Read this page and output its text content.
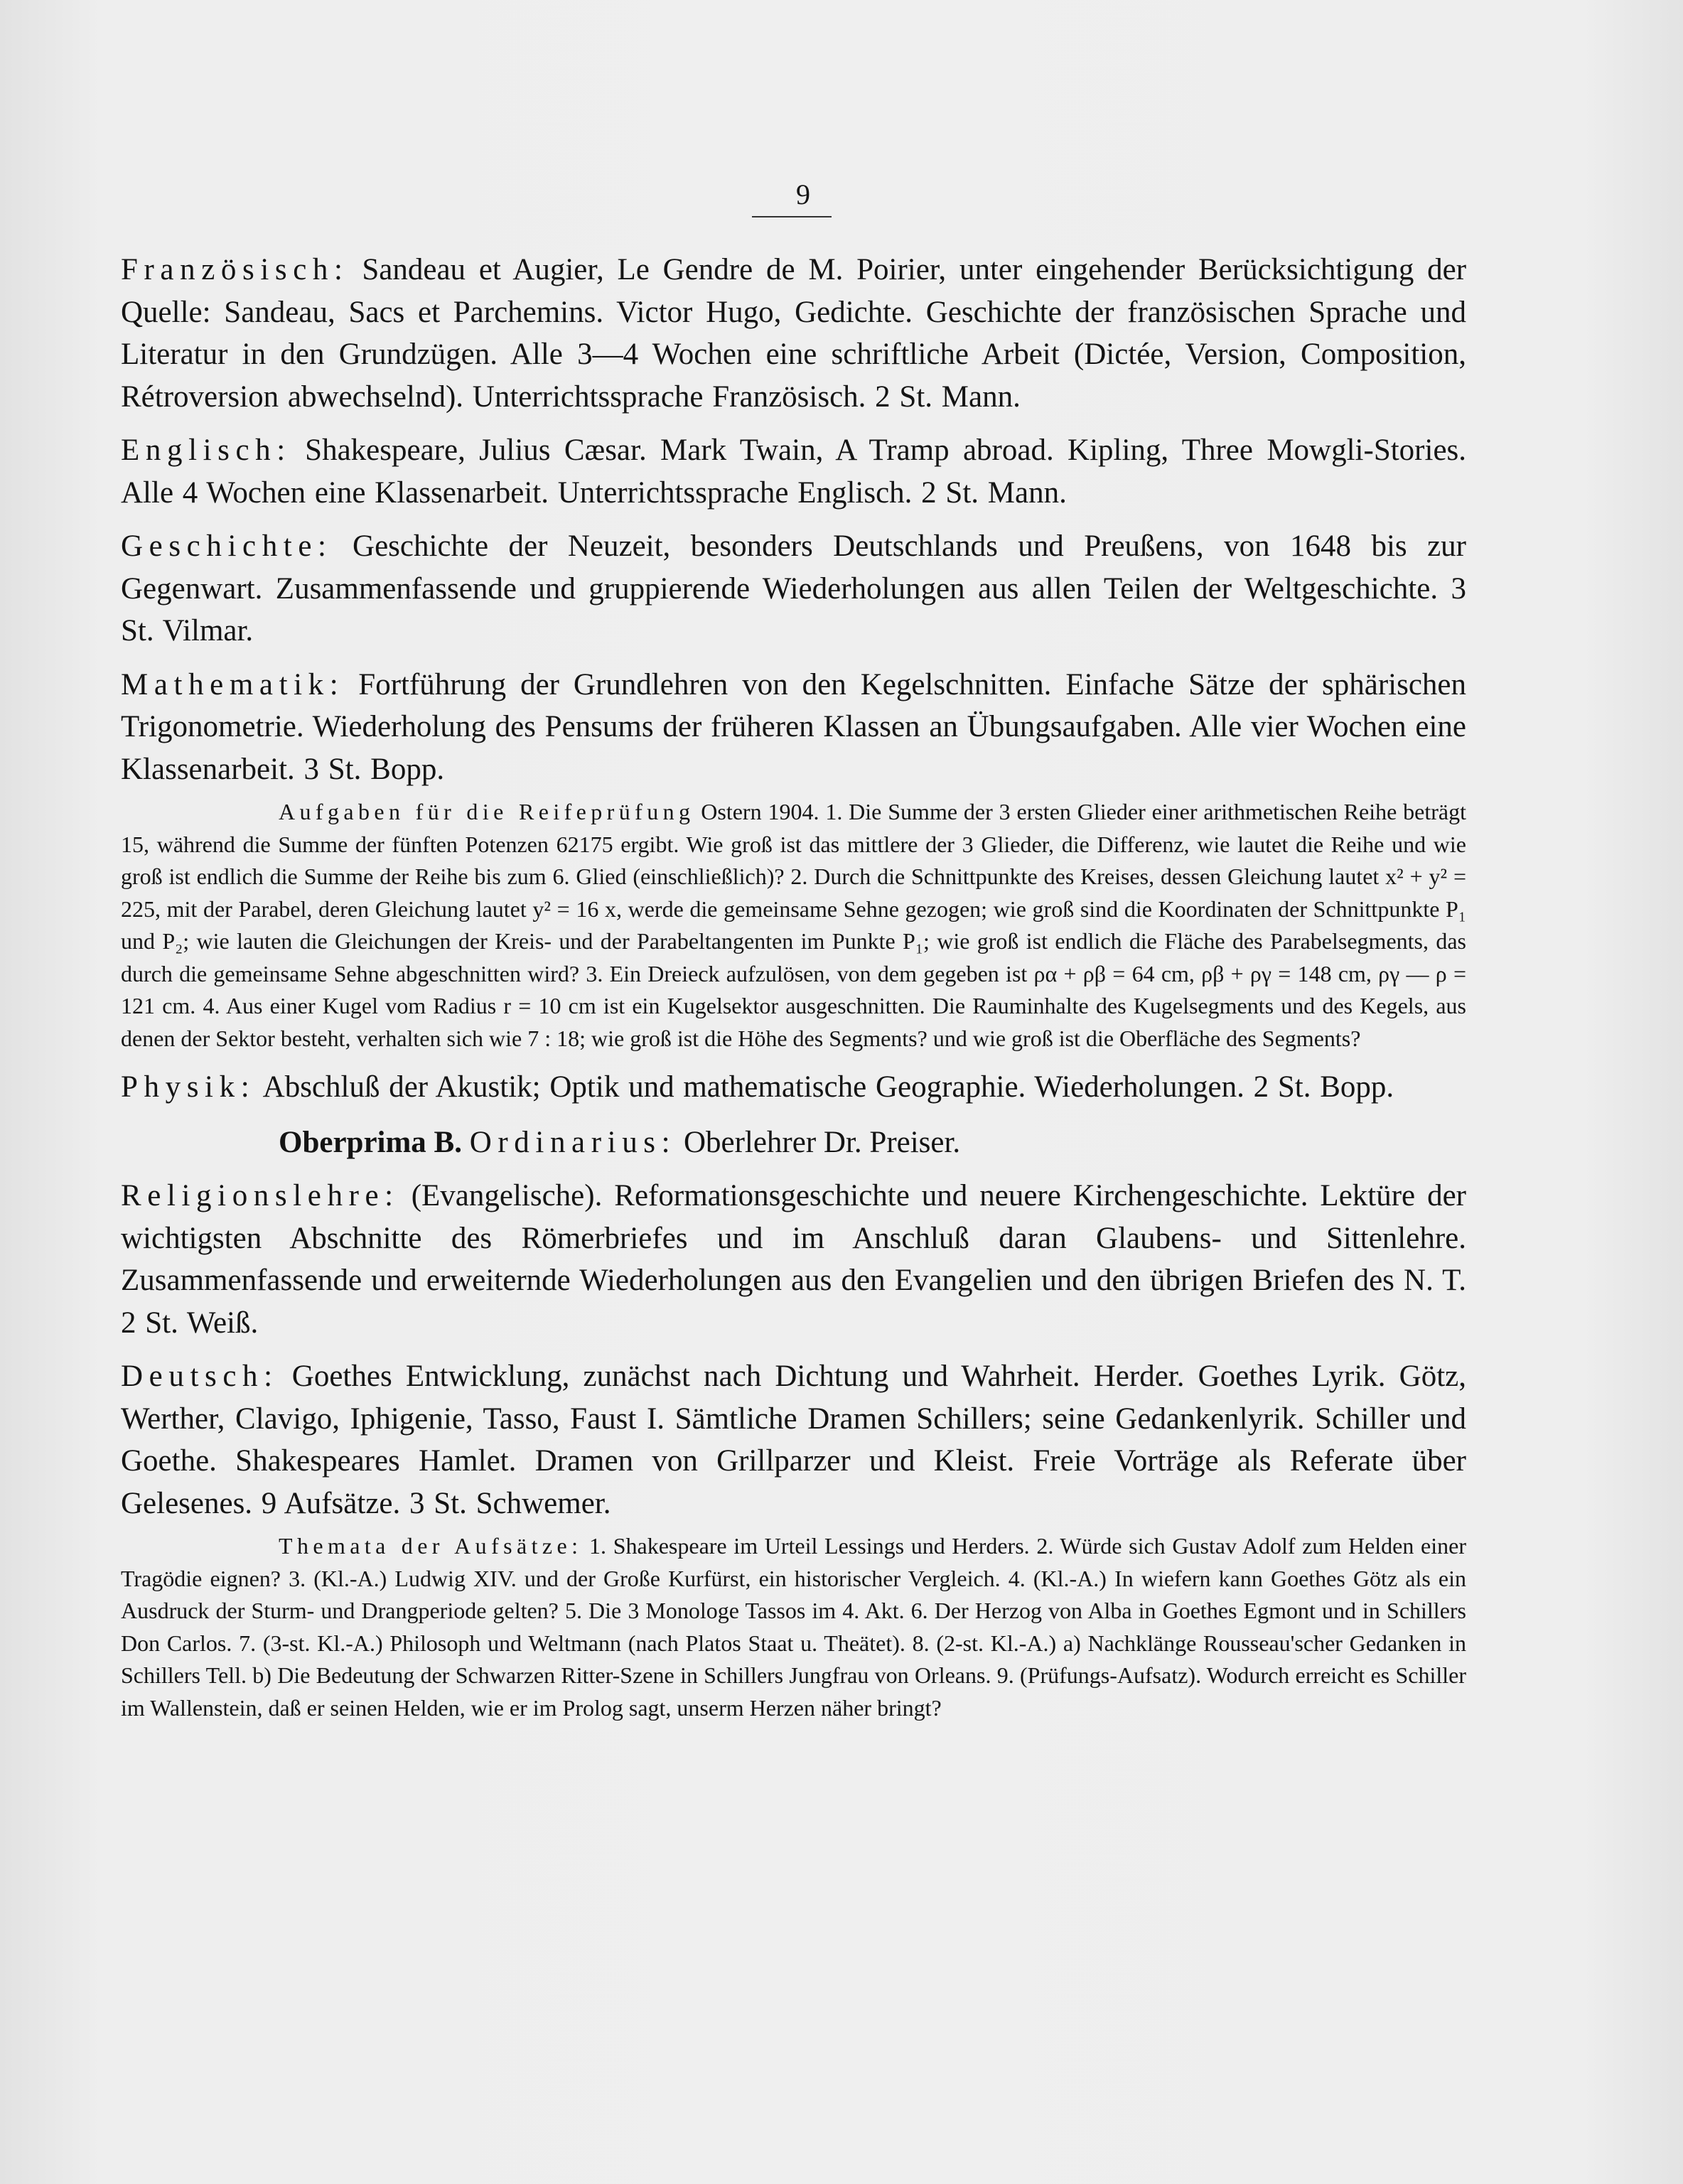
9

Französisch: Sandeau et Augier, Le Gendre de M. Poirier, unter eingehender Berücksichtigung der Quelle: Sandeau, Sacs et Parchemins. Victor Hugo, Gedichte. Geschichte der französischen Sprache und Literatur in den Grundzügen. Alle 3—4 Wochen eine schriftliche Arbeit (Dictée, Version, Composition, Rétroversion abwechselnd). Unterrichtssprache Französisch. 2 St. Mann.

Englisch: Shakespeare, Julius Cæsar. Mark Twain, A Tramp abroad. Kipling, Three Mowgli-Stories. Alle 4 Wochen eine Klassenarbeit. Unterrichtssprache Englisch. 2 St. Mann.

Geschichte: Geschichte der Neuzeit, besonders Deutschlands und Preußens, von 1648 bis zur Gegenwart. Zusammenfassende und gruppierende Wiederholungen aus allen Teilen der Weltgeschichte. 3 St. Vilmar.

Mathematik: Fortführung der Grundlehren von den Kegelschnitten. Einfache Sätze der sphärischen Trigonometrie. Wiederholung des Pensums der früheren Klassen an Übungsaufgaben. Alle vier Wochen eine Klassenarbeit. 3 St. Bopp.

Aufgaben für die Reifeprüfung Ostern 1904. 1. Die Summe der 3 ersten Glieder einer arithmetischen Reihe beträgt 15, während die Summe der fünften Potenzen 62175 ergibt. Wie groß ist das mittlere der 3 Glieder, die Differenz, wie lautet die Reihe und wie groß ist endlich die Summe der Reihe bis zum 6. Glied (einschließlich)? 2. Durch die Schnittpunkte des Kreises, dessen Gleichung lautet x² + y² = 225, mit der Parabel, deren Gleichung lautet y² = 16 x, werde die gemeinsame Sehne gezogen; wie groß sind die Koordinaten der Schnittpunkte P₁ und P₂; wie lauten die Gleichungen der Kreis- und der Parabeltangenten im Punkte P₁; wie groß ist endlich die Fläche des Parabelsegments, das durch die gemeinsame Sehne abgeschnitten wird? 3. Ein Dreieck aufzulösen, von dem gegeben ist ρα + ρβ = 64 cm, ρβ + ργ = 148 cm, ργ — ρ = 121 cm. 4. Aus einer Kugel vom Radius r = 10 cm ist ein Kugelsektor ausgeschnitten. Die Rauminhalte des Kugelsegments und des Kegels, aus denen der Sektor besteht, verhalten sich wie 7 : 18; wie groß ist die Höhe des Segments? und wie groß ist die Oberfläche des Segments?

Physik: Abschluß der Akustik; Optik und mathematische Geographie. Wiederholungen. 2 St. Bopp.

Oberprima B. Ordinarius: Oberlehrer Dr. Preiser.

Religionslehre: (Evangelische). Reformationsgeschichte und neuere Kirchengeschichte. Lektüre der wichtigsten Abschnitte des Römerbriefes und im Anschluß daran Glaubens- und Sittenlehre. Zusammenfassende und erweiternde Wiederholungen aus den Evangelien und den übrigen Briefen des N. T. 2 St. Weiß.

Deutsch: Goethes Entwicklung, zunächst nach Dichtung und Wahrheit. Herder. Goethes Lyrik. Götz, Werther, Clavigo, Iphigenie, Tasso, Faust I. Sämtliche Dramen Schillers; seine Gedankenlyrik. Schiller und Goethe. Shakespeares Hamlet. Dramen von Grillparzer und Kleist. Freie Vorträge als Referate über Gelesenes. 9 Aufsätze. 3 St. Schwemer.

Themata der Aufsätze: 1. Shakespeare im Urteil Lessings und Herders. 2. Würde sich Gustav Adolf zum Helden einer Tragödie eignen? 3. (Kl.-A.) Ludwig XIV. und der Große Kurfürst, ein historischer Vergleich. 4. (Kl.-A.) In wiefern kann Goethes Götz als ein Ausdruck der Sturm- und Drangperiode gelten? 5. Die 3 Monologe Tassos im 4. Akt. 6. Der Herzog von Alba in Goethes Egmont und in Schillers Don Carlos. 7. (3-st. Kl.-A.) Philosoph und Weltmann (nach Platos Staat u. Theätet). 8. (2-st. Kl.-A.) a) Nachklänge Rousseau'scher Gedanken in Schillers Tell. b) Die Bedeutung der Schwarzen Ritter-Szene in Schillers Jungfrau von Orleans. 9. (Prüfungs-Aufsatz). Wodurch erreicht es Schiller im Wallenstein, daß er seinen Helden, wie er im Prolog sagt, unserm Herzen näher bringt?
